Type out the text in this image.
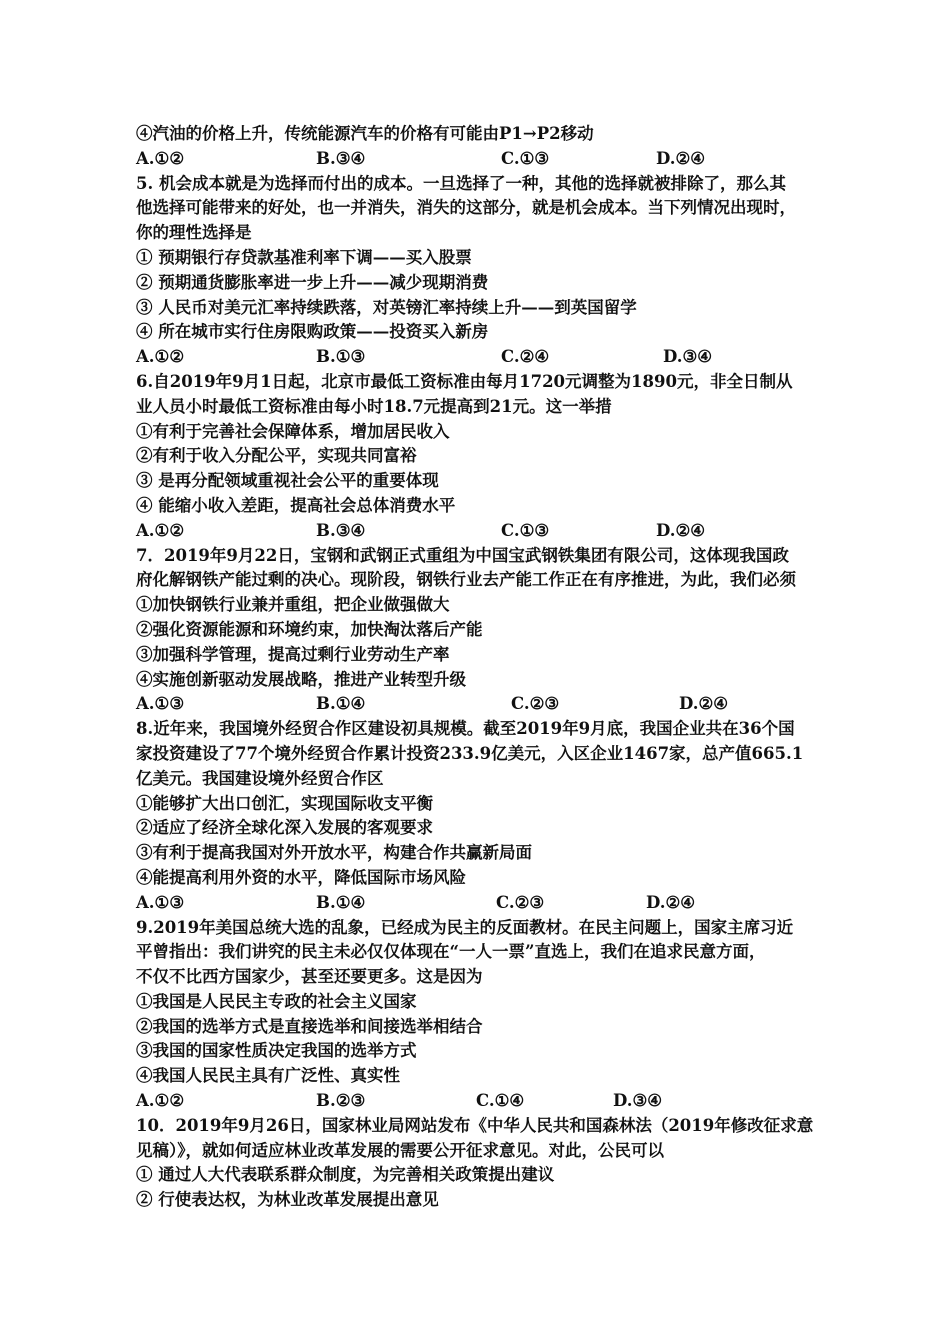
④汽油的价格上升，传统能源汽车的价格有可能由P1→P2移动
A.①②	B.③④	C.①③	D.②④
5. 机会成本就是为选择而付出的成本。一旦选择了一种，其他的选择就被排除了，那么其
他选择可能带来的好处，也一并消失，消失的这部分，就是机会成本。当下列情况出现时，
你的理性选择是
① 预期银行存贷款基准利率下调——买入股票
② 预期通货膨胀率进一步上升——减少现期消费
③ 人民币对美元汇率持续跌落，对英镑汇率持续上升——到英国留学
④ 所在城市实行住房限购政策——投资买入新房
A.①②	B.①③	C.②④	D.③④
6.自2019年9月1日起，北京市最低工资标准由每月1720元调整为1890元，非全日制从
业人员小时最低工资标准由每小时18.7元提高到21元。这一举措
①有利于完善社会保障体系，增加居民收入
②有利于收入分配公平，实现共同富裕
③ 是再分配领域重视社会公平的重要体现
④ 能缩小收入差距，提高社会总体消费水平
A.①②	B.③④	C.①③	D.②④
7．2019年9月22日，宝钢和武钢正式重组为中国宝武钢铁集团有限公司，这体现我国政
府化解钢铁产能过剩的决心。现阶段，钢铁行业去产能工作正在有序推进，为此，我们必须
①加快钢铁行业兼并重组，把企业做强做大
②强化资源能源和环境约束，加快淘汰落后产能
③加强科学管理，提高过剩行业劳动生产率
④实施创新驱动发展战略，推进产业转型升级
A.①③	B.①④	C.②③	D.②④
8.近年来，我国境外经贸合作区建设初具规模。截至2019年9月底，我国企业共在36个国
家投资建设了77个境外经贸合作累计投资233.9亿美元，入区企业1467家，总产值665.1
亿美元。我国建设境外经贸合作区
①能够扩大出口创汇，实现国际收支平衡
②适应了经济全球化深入发展的客观要求
③有利于提高我国对外开放水平，构建合作共赢新局面
④能提高利用外资的水平，降低国际市场风险
A.①③	B.①④	C.②③	D.②④
9.2019年美国总统大选的乱象，已经成为民主的反面教材。在民主问题上，国家主席习近
平曾指出：我们讲究的民主未必仅仅体现在“一人一票”直选上，我们在追求民意方面，
不仅不比西方国家少，甚至还要更多。这是因为
①我国是人民民主专政的社会主义国家
②我国的选举方式是直接选举和间接选举相结合
③我国的国家性质决定我国的选举方式
④我国人民民主具有广泛性、真实性
A.①②	B.②③	C.①④	D.③④
10．2019年9月26日，国家林业局网站发布《中华人民共和国森林法（2019年修改征求意
见稿）》，就如何适应林业改革发展的需要公开征求意见。对此，公民可以
① 通过人大代表联系群众制度，为完善相关政策提出建议
② 行使表达权，为林业改革发展提出意见
